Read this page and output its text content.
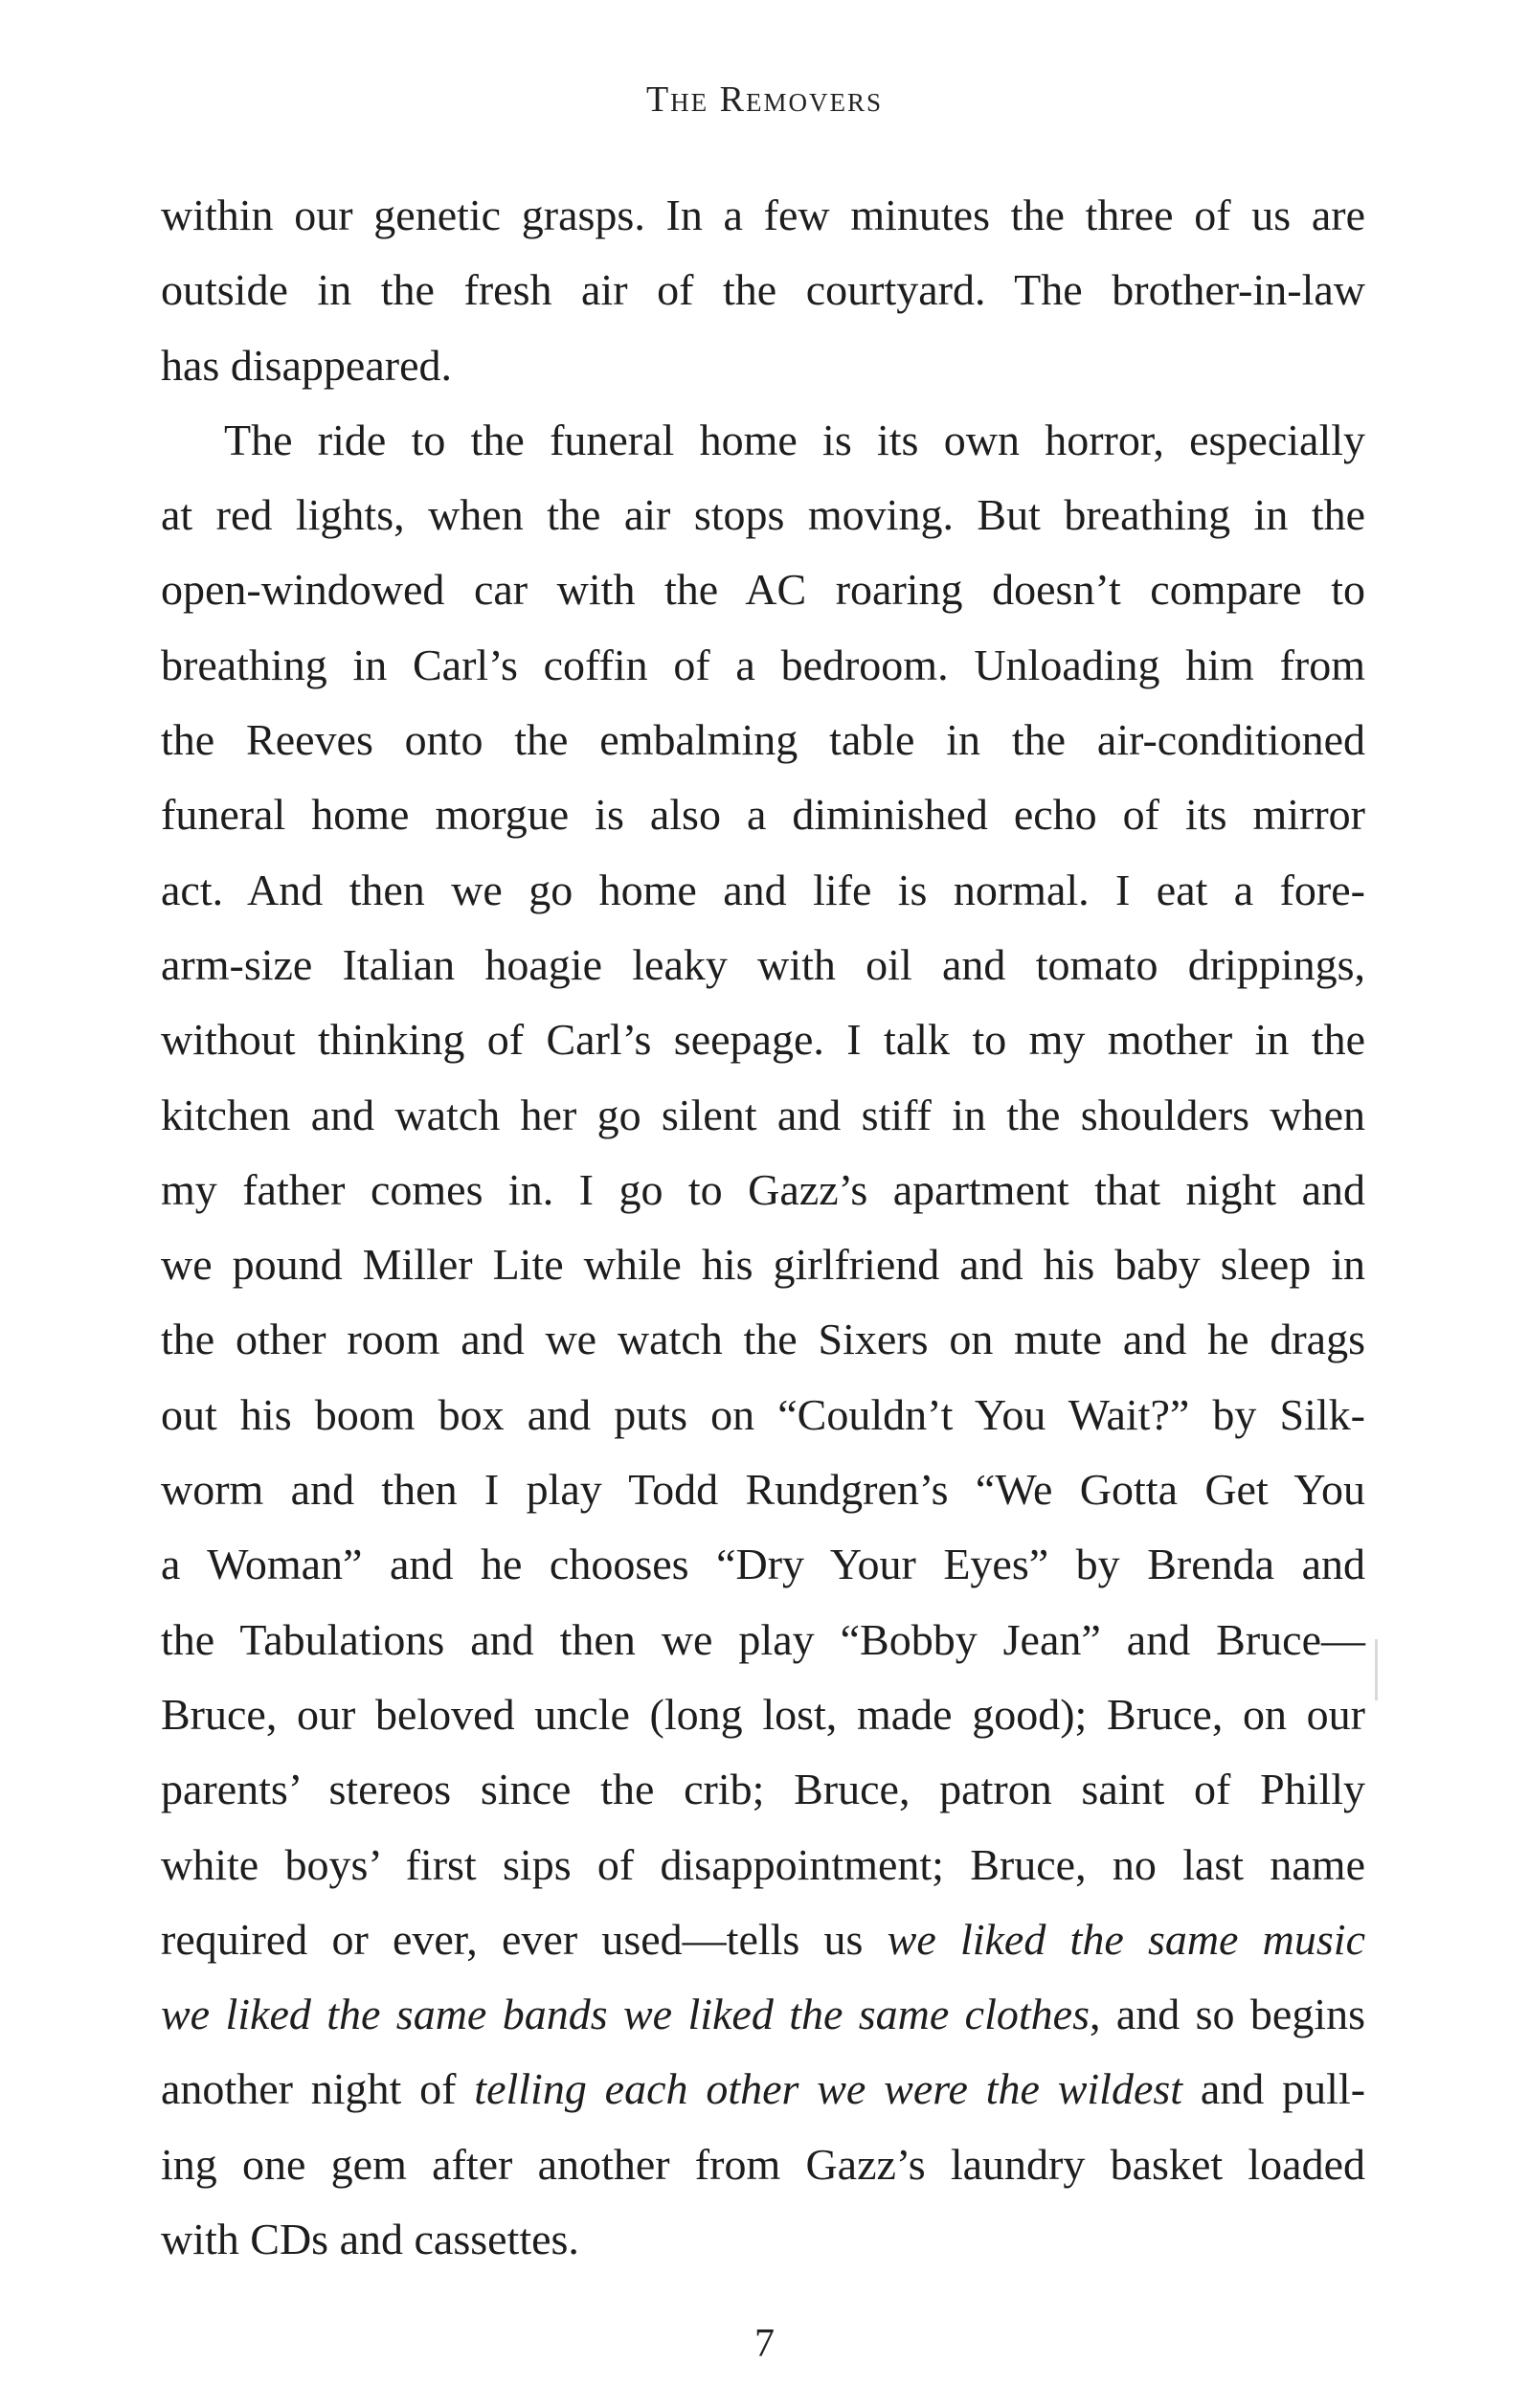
The Removers
within our genetic grasps. In a few minutes the three of us are
outside in the fresh air of the courtyard. The brother-in-law
has disappeared.
The ride to the funeral home is its own horror, especially
at red lights, when the air stops moving. But breathing in the
open-windowed car with the AC roaring doesn’t compare to
breathing in Carl’s coffin of a bedroom. Unloading him from
the Reeves onto the embalming table in the air-conditioned
funeral home morgue is also a diminished echo of its mirror
act. And then we go home and life is normal. I eat a fore-
arm-size Italian hoagie leaky with oil and tomato drippings,
without thinking of Carl’s seepage. I talk to my mother in the
kitchen and watch her go silent and stiff in the shoulders when
my father comes in. I go to Gazz’s apartment that night and
we pound Miller Lite while his girlfriend and his baby sleep in
the other room and we watch the Sixers on mute and he drags
out his boom box and puts on “Couldn’t You Wait?” by Silk-
worm and then I play Todd Rundgren’s “We Gotta Get You
a Woman” and he chooses “Dry Your Eyes” by Brenda and
the Tabulations and then we play “Bobby Jean” and Bruce—
Bruce, our beloved uncle (long lost, made good); Bruce, on our
parents’ stereos since the crib; Bruce, patron saint of Philly
white boys’ first sips of disappointment; Bruce, no last name
required or ever, ever used—tells us we liked the same music
we liked the same bands we liked the same clothes, and so begins
another night of telling each other we were the wildest and pull-
ing one gem after another from Gazz’s laundry basket loaded
with CDs and cassettes.
7
